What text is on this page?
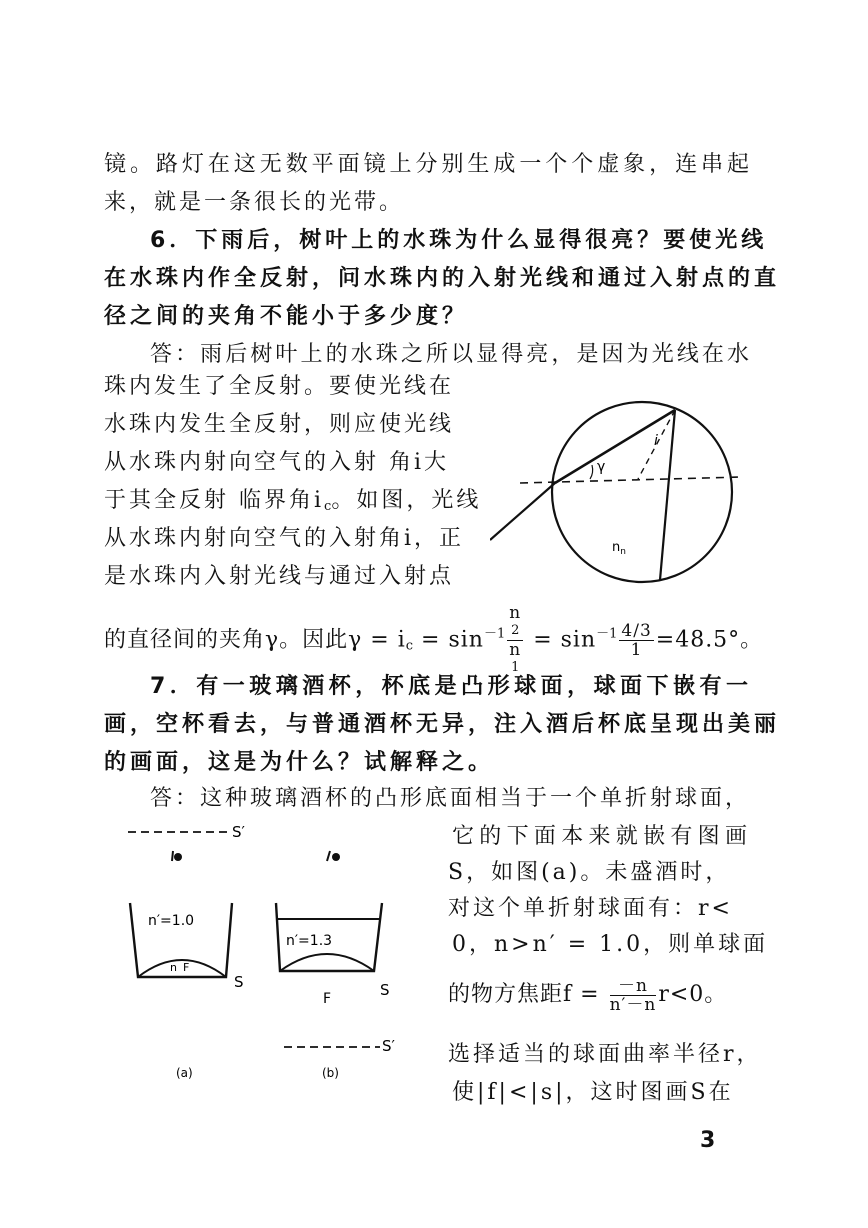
镜。路灯在这无数平面镜上分别生成一个个虚象，连串起
来，就是一条很长的光带。
6．下雨后，树叶上的水珠为什么显得很亮？要使光线
在水珠内作全反射，问水珠内的入射光线和通过入射点的直
径之间的夹角不能小于多少度？
答：雨后树叶上的水珠之所以显得亮，是因为光线在水
珠内发生了全反射。要使光线在
水珠内发生全反射，则应使光线
从水珠内射向空气的入射 角i大
于其全反射 临界角$i_c$。如图，光线
从水珠内射向空气的入射角i，正
是水珠内入射光线与通过入射点
的直径间的夹角γ。因此$\gamma = i_c = \sin^{-1} n$
2
n
$1 = \sin^{-1} \frac{4/3}{1} =48.5^\circ$。
γ
i
$n_n$
7．有一玻璃酒杯，杯底是凸形球面，球面下嵌有一
画，空杯看去，与普通酒杯无异，注入酒后杯底呈现出美丽
的画面，这是为什么？试解释之。
答：这种玻璃酒杯的凸形底面相当于一个单折射球面，
它的下面本来就嵌有图画
S，如图(a)。未盛酒时，
对这个单折射球面有：r<
0，n>n′ = 1.0，则单球面
的物方焦距$f = \frac{-n}{n'-n} r<0$。
选择适当的球面曲率半径r，
使|f|<|s|，这时图画S在
S′
n′=1.0
n F
S
(a)
n′=1.3
F	S
S′
(b)
3
